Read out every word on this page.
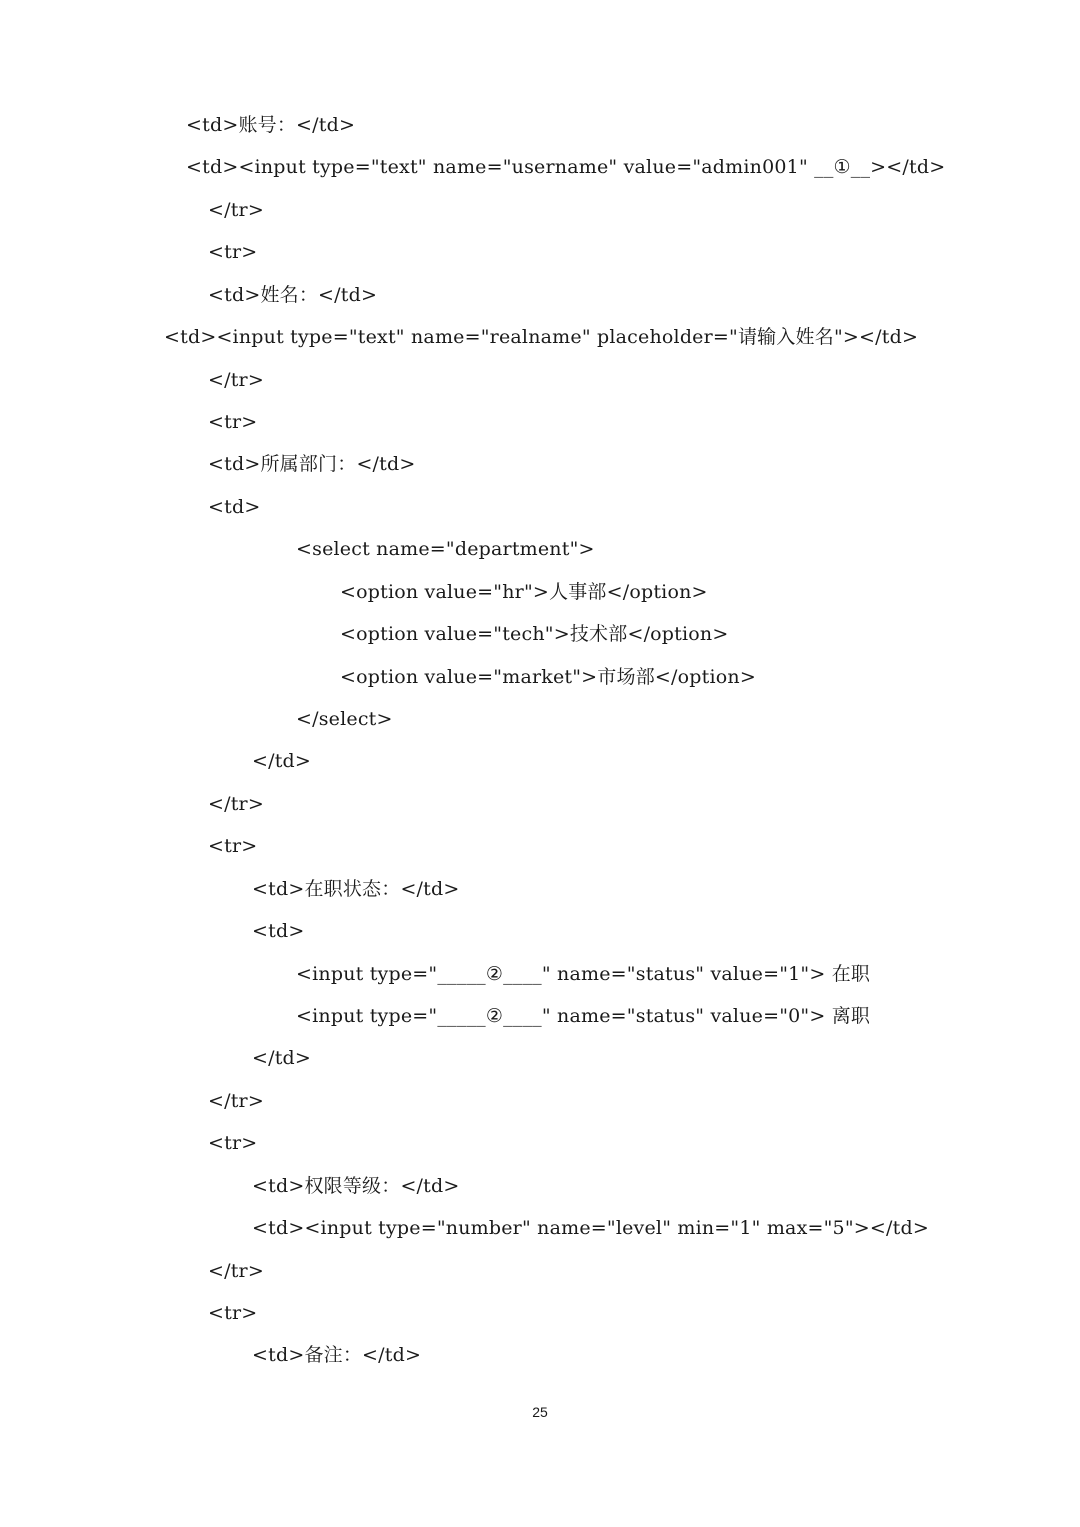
<td>账号：</td>
<td><input type="text" name="username" value="admin001" __①__></td>
</tr>
<tr>
<td>姓名：</td>
<td><input type="text" name="realname" placeholder="请输入姓名"></td>
</tr>
<tr>
<td>所属部门：</td>
<td>
<select name="department">
<option value="hr">人事部</option>
<option value="tech">技术部</option>
<option value="market">市场部</option>
</select>
</td>
</tr>
<tr>
<td>在职状态：</td>
<td>
<input type="_____②____" name="status" value="1"> 在职
<input type="_____②____" name="status" value="0"> 离职
</td>
</tr>
<tr>
<td>权限等级：</td>
<td><input type="number" name="level" min="1" max="5"></td>
</tr>
<tr>
<td>备注：</td>
25
